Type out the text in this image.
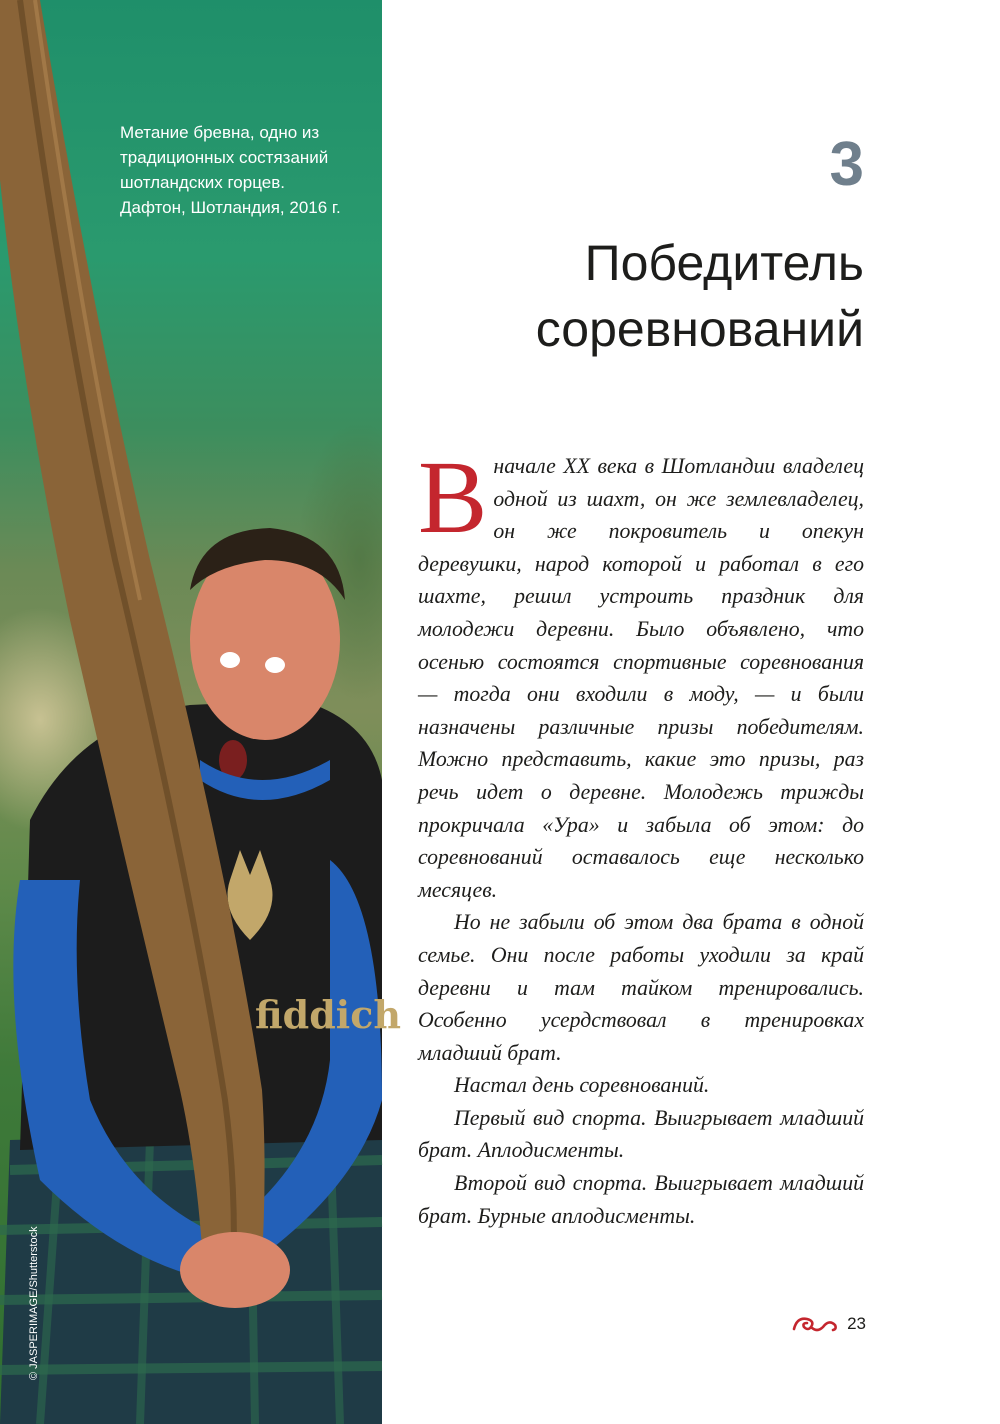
fiddich

Метание бревна, одно из традиционных состязаний шотландских горцев. Дафтон, Шотландия, 2016 г.

© JASPERIMAGE/Shutterstock
3
Победитель соревнований

Вначале XX века в Шотландии владелец одной из шахт, он же землевладелец, он же покровитель и опекун деревушки, народ которой и работал в его шахте, решил устроить праздник для молодежи деревни. Было объявлено, что осенью состоятся спортивные соревнования — тогда они входили в моду, — и были назначены различные призы победителям. Можно представить, какие это призы, раз речь идет о деревне. Молодежь трижды прокричала «Ура» и забыла об этом: до соревнований оставалось еще несколько месяцев.

Но не забыли об этом два брата в одной семье. Они после работы уходили за край деревни и там тайком тренировались. Особенно усердствовал в тренировках младший брат.

Настал день соревнований.

Первый вид спорта. Выигрывает младший брат. Аплодисменты.

Второй вид спорта. Выигрывает младший брат. Бурные аплодисменты.

23
